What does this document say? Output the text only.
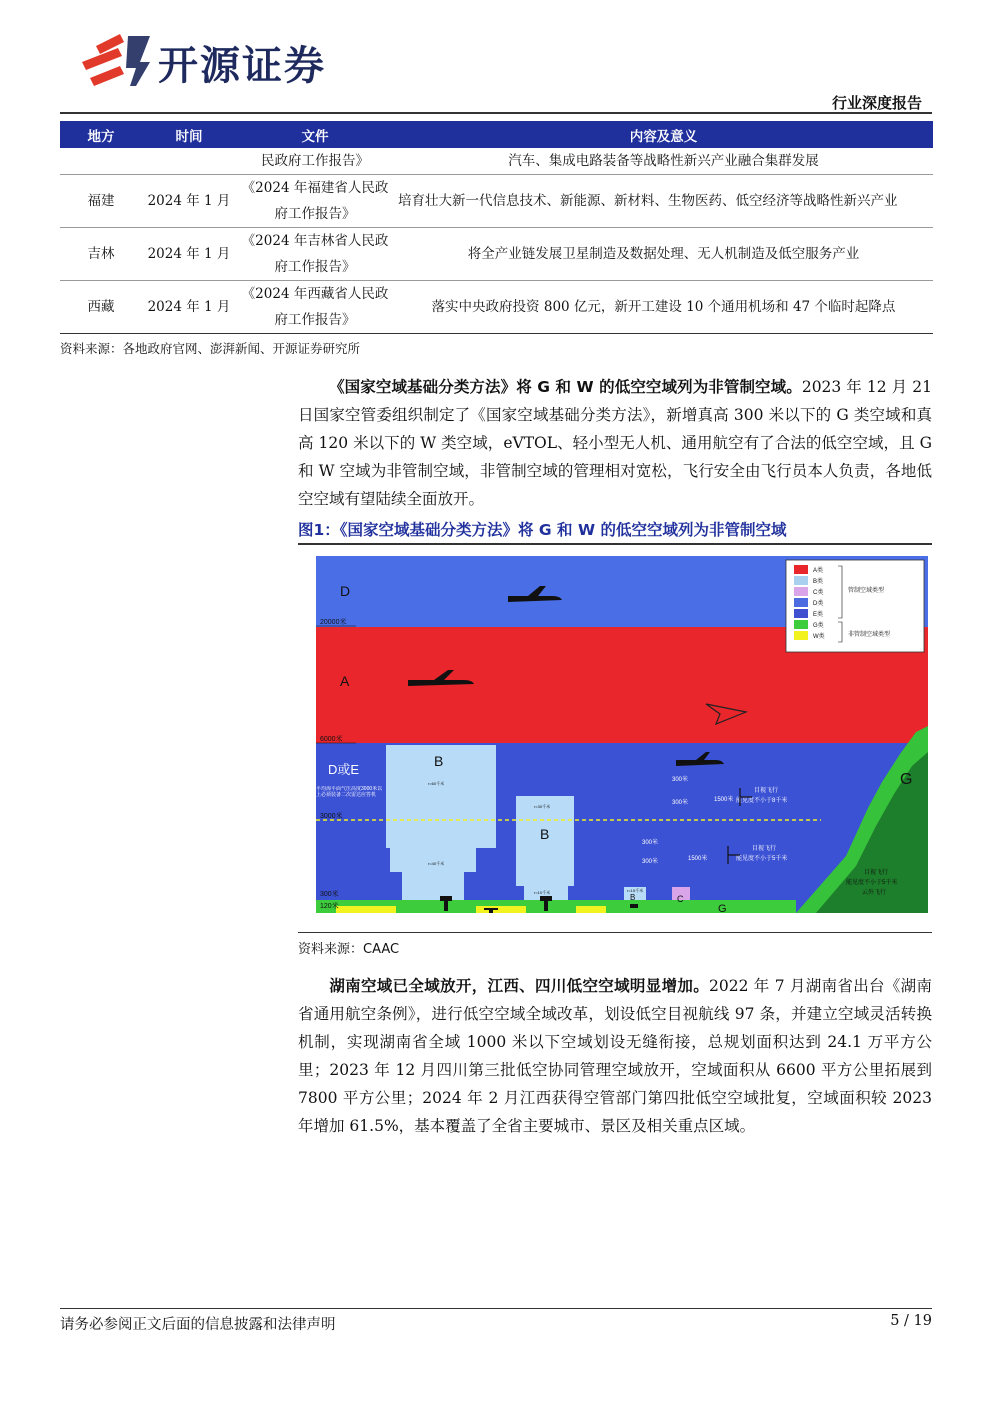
开源证券
行业深度报告
地方	时间	文件	内容及意义
		民政府工作报告》	汽车、集成电路装备等战略性新兴产业融合集群发展
福建	2024 年 1 月	《2024 年福建省人民政府工作报告》	培育壮大新一代信息技术、新能源、新材料、生物医药、低空经济等战略性新兴产业
吉林	2024 年 1 月	《2024 年吉林省人民政府工作报告》	将全产业链发展卫星制造及数据处理、无人机制造及低空服务产业
西藏	2024 年 1 月	《2024 年西藏省人民政府工作报告》	落实中央政府投资 800 亿元，新开工建设 10 个通用机场和 47 个临时起降点
资料来源：各地政府官网、澎湃新闻、开源证券研究所
《国家空域基础分类方法》将 G 和 W 的低空空域列为非管制空域。2023 年 12 月 21 日国家空管委组织制定了《国家空域基础分类方法》，新增真高 300 米以下的 G 类空域和真高 120 米以下的 W 类空域，eVTOL、轻小型无人机、通用航空有了合法的低空空域，且 G 和 W 空域为非管制空域，非管制空域的管理相对宽松，飞行安全由飞行员本人负责，各地低空空域有望陆续全面放开。
图1：《国家空域基础分类方法》将 G 和 W 的低空空域列为非管制空域
D
A
D或E
B
B
G
G
B	C
20000米
6000米
3000米
300米
120米
平均海平面气压高度3000米以上必须装备二次雷达应答机
r=60千米
r=40千米
r=30千米
r=10千米	r=15千米
300米
300米	1500米
目视飞行
能见度不小于8千米
300米
300米	1500米
目视飞行
能见度不小于5千米
目视飞行
能见度不小于5千米
云外飞行
A类
B类
C类
D类
E类
G类
W类
管制空域类型
非管制空域类型
资料来源：CAAC
湖南空域已全域放开，江西、四川低空空域明显增加。2022 年 7 月湖南省出台《湖南省通用航空条例》，进行低空空域全域改革，划设低空目视航线 97 条，并建立空域灵活转换机制，实现湖南省全域 1000 米以下空域划设无缝衔接，总规划面积达到 24.1 万平方公里；2023 年 12 月四川第三批低空协同管理空域放开，空域面积从 6600 平方公里拓展到 7800 平方公里；2024 年 2 月江西获得空管部门第四批低空空域批复，空域面积较 2023 年增加 61.5%，基本覆盖了全省主要城市、景区及相关重点区域。
请务必参阅正文后面的信息披露和法律声明	5 / 19
